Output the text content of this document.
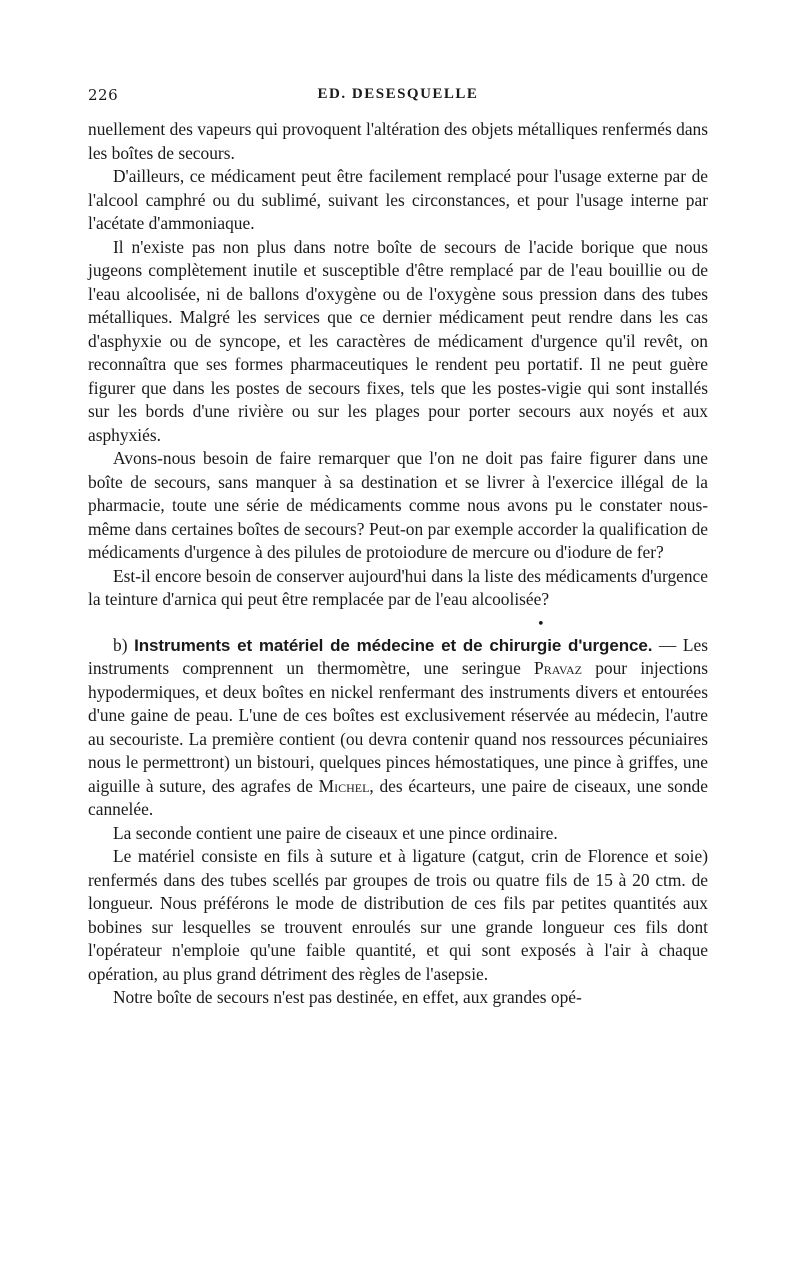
226	ED. DESESQUELLE

nuellement des vapeurs qui provoquent l'altération des objets métalliques renfermés dans les boîtes de secours.

D'ailleurs, ce médicament peut être facilement remplacé pour l'usage externe par de l'alcool camphré ou du sublimé, suivant les circonstances, et pour l'usage interne par l'acétate d'ammoniaque.

Il n'existe pas non plus dans notre boîte de secours de l'acide borique que nous jugeons complètement inutile et susceptible d'être remplacé par de l'eau bouillie ou de l'eau alcoolisée, ni de ballons d'oxygène ou de l'oxygène sous pression dans des tubes métalliques. Malgré les services que ce dernier médicament peut rendre dans les cas d'asphyxie ou de syncope, et les caractères de médicament d'urgence qu'il revêt, on reconnaîtra que ses formes pharmaceutiques le rendent peu portatif. Il ne peut guère figurer que dans les postes de secours fixes, tels que les postes-vigie qui sont installés sur les bords d'une rivière ou sur les plages pour porter secours aux noyés et aux asphyxiés.

Avons-nous besoin de faire remarquer que l'on ne doit pas faire figurer dans une boîte de secours, sans manquer à sa destination et se livrer à l'exercice illégal de la pharmacie, toute une série de médicaments comme nous avons pu le constater nous-même dans certaines boîtes de secours? Peut-on par exemple accorder la qualification de médicaments d'urgence à des pilules de protoiodure de mercure ou d'iodure de fer?

Est-il encore besoin de conserver aujourd'hui dans la liste des médicaments d'urgence la teinture d'arnica qui peut être remplacée par de l'eau alcoolisée?

b) Instruments et matériel de médecine et de chirurgie d'urgence. — Les instruments comprennent un thermomètre, une seringue Pravaz pour injections hypodermiques, et deux boîtes en nickel renfermant des instruments divers et entourées d'une gaine de peau. L'une de ces boîtes est exclusivement réservée au médecin, l'autre au secouriste. La première contient (ou devra contenir quand nos ressources pécuniaires nous le permettront) un bistouri, quelques pinces hémostatiques, une pince à griffes, une aiguille à suture, des agrafes de Michel, des écarteurs, une paire de ciseaux, une sonde cannelée.

La seconde contient une paire de ciseaux et une pince ordinaire.

Le matériel consiste en fils à suture et à ligature (catgut, crin de Florence et soie) renfermés dans des tubes scellés par groupes de trois ou quatre fils de 15 à 20 ctm. de longueur. Nous préférons le mode de distribution de ces fils par petites quantités aux bobines sur lesquelles se trouvent enroulés sur une grande longueur ces fils dont l'opérateur n'emploie qu'une faible quantité, et qui sont exposés à l'air à chaque opération, au plus grand détriment des règles de l'asepsie.

Notre boîte de secours n'est pas destinée, en effet, aux grandes opé-

•
